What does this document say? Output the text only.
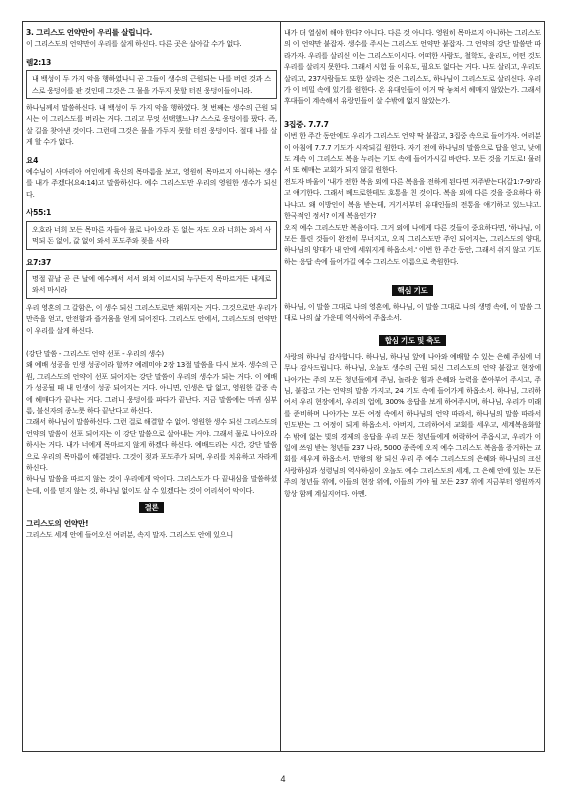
3. 그리스도 언약만이 우리를 살립니다.

이 그리스도의 언약만이 우리를 살게 하신다. 다른 곳은 살아갈 수가 없다.

렘2:13

내 백성이 두 가지 악을 행하였나니 곧 그들이 생수의 근원되는 나를 버린 것과 스스로 웅덩이를 판 것인데 그것은 그 물을 가두지 못할 터진 웅덩이들이니라.

하나님께서 말씀하신다. 내 백성이 두 가지 악을 행하였다. 첫 번째는 생수의 근원 되시는 이 그리스도를 버리는 거다. 그리고 무엇 선택했느냐? 스스로 웅덩이를 팠다. 즉, 살 길을 찾아낸 것이다. 그런데 그것은 물을 가두지 못할 터진 웅덩이다. 절대 나를 살게 할 수가 없다.

요4

예수님이 사마리아 여인에게 육신의 목마름을 보고, 영원히 목마르지 아니하는 생수를 내가 주겠다(요4:14)고 말씀하신다. 예수 그리스도만 우리의 영원한 생수가 되신다.

사55:1

오호라 너희 모든 목마른 자들아 물로 나아오라 돈 없는 자도 오라 너희는 와서 사 먹되 돈 없이, 값 없이 와서 포도주와 젖을 사라

요7:37

명절 끝날 곧 큰 날에 예수께서 서서 외쳐 이르시되 누구든지 목마르거든 내게로 와서 마시라

우리 영혼의 그 갈함은, 이 생수 되신 그리스도로만 채워지는 거다. 그것으로만 우리가 만족을 얻고, 안전함과 즐거움을 얻게 되어진다. 그리스도 안에서, 그리스도의 언약만이 우리를 살게 하신다.

(강단 말씀 - 그리스도 언약 선포 - 우리의 생수)

왜 예배 성공을 인생 성공이라 할까? 예레미야 2장 13절 말씀을 다시 보자. 생수의 근원, 그리스도의 언약이 선포 되어지는 강단 말씀이 우리의 생수가 되는 거다. 이 예배가 성공될 때 내 인생이 성공 되어지는 거다. 아니면, 인생은 답 없고, 영원한 갈증 속에 헤매다가 끝나는 거다. 그러니 웅덩이를 파다가 끝난다. 지금 말씀에는 마귀 심부름, 불신자의 종노릇 하다 끝난다고 하신다.

그래서 하나님이 말씀하신다. 그런 걸로 해결할 수 없어. 영원한 생수 되신 그리스도의 언약의 말씀이 선포 되어지는 이 강단 말씀으로 살아내는 거야. 그래서 물로 나아오라 하시는 거다. 내가 너에게 목마르지 않게 하겠다 하신다. 예배드리는 시간, 강단 말씀으로 우리의 목마름이 해결된다. 그것이 젖과 포도주가 되며, 우리를 치유하고 자라게 하신다.

하나님 말씀을 따르지 않는 것이 우리에게 악이다. 그리스도가 다 끝내심을 말씀하셨는데, 이를 믿지 않는 것, 하나님 없이도 살 수 있겠다는 것이 어리석어 악이다.

결론
그리스도의 언약만!

그리스도 세계 안에 들어오신 여러분, 속지 말자. 그리스도 안에 있으니

내가 더 열심히 해야 한다? 아니다. 다른 것 아니다. 영원히 목마르지 아니하는 그리스도의 이 언약만 붙잡자. 생수를 주시는 그리스도 언약만 붙잡자. 그 언약의 강단 말씀만 따라가자. 우리를 살리신 이는 그리스도이시다. 어떠한 사람도, 철학도, 윤리도, 어떤 것도 우리를 살리지 못한다. 그래서 시험 들 이유도, 필요도 없다는 거다. 나도 살리고, 우리도 살리고, 237사람들도 또한 살리는 것은 그리스도, 하나님이 그리스도로 살리신다. 우리가 이 비밀 속에 있기를 원한다. 온 유대인들이 이거 딱 놓쳐서 헤매지 않았는가. 그래서 후대들이 계속해서 유랑민들이 살 수밖에 없지 않았는가.

3집중. 7.7.7

이번 한 주간 동안에도 우리가 그리스도 언약 딱 붙잡고, 3집중 속으로 들어가자. 여러분이 아침에 7.7.7 기도가 시작되길 원한다. 자기 전에 하나님의 말씀으로 답을 얻고, 낮에도 계속 이 그리스도 복음 누리는 기도 속에 들어가시길 바란다. 모든 것을 기도로! 물러서 또 헤매는 교회가 되지 않길 원한다.

전도자 바울이 '내가 전한 복음 외에 다른 복음을 전하게 된다면 저주받는다(갈1:7-9)'라고 얘기한다. 그래서 베드로한테도 호통을 친 것이다. 복음 외에 다른 것을 중요하다 하나냐고. 왜 이방인이 복음 받는데, 거기서부터 유대인들의 전통을 얘기하고 있느냐고. 한국적인 정서? 이게 복음인가?

오직 예수 그리스도만 복음이다. 그거 외에 나에게 다른 것들이 중요하다면, '하나님, 이 모든 틀린 것들이 완전히 무너지고, 오직 그리스도만 주인 되어지는, 그리스도의 양대, 하나님의 양대가 내 안에 세워지게 하옵소서.' 이번 한 주간 동안, 그래서 쉬지 않고 기도하는 응답 속에 들어가길 예수 그리스도 이름으로 축원한다.

핵심 기도

하나님, 이 말씀 그대로 나의 영혼에, 하나님, 이 말씀 그대로 나의 생명 속에, 이 말씀 그대로 나의 삶 가운데 역사하여 주옵소서.

합심 기도 및 축도

사랑의 하나님 감사합니다. 하나님, 하나님 앞에 나아와 예배할 수 있는 은혜 주심에 너무나 감사드립니다. 하나님, 오늘도 생수의 근원 되신 그리스도의 언약 붙잡고 현장에 나아가는 주의 모든 청년들에게 주님, 놀라운 힘과 은혜와 능력을 쏟아부어 주시고, 주님, 붙잡고 가는 언약의 말씀 가지고, 24 기도 속에 들어가게 하옵소서. 하나님, 그리하여서 우리 현장에서, 우리의 업에, 300% 응답을 보게 하여주시며, 하나님, 우리가 미래를 준비하며 나아가는 모든 여정 속에서 하나님의 언약 따라서, 하나님의 말씀 따라서 인도받는 그 여정이 되게 하옵소서. 아버지, 그리하여서 교회를 세우고, 세계복음화할 수 밖에 없는 빛의 경제의 응답을 우리 모든 청년들에게 허락하여 주옵시고, 우리가 이 일에 쓰임 받는 청년들 237 나라, 5000 종족에 오직 예수 그리스도 복음을 증거하는 교회를 세우게 하옵소서. 만왕의 왕 되신 우리 주 예수 그리스도의 은혜와 하나님의 크신 사랑하심과 성령님의 역사하심이 오늘도 예수 그리스도의 세계, 그 은혜 안에 있는 모든 주의 청년들 위에, 이들의 현장 위에, 이들의 가야 될 모든 237 위에 지금부터 영원까지 항상 함께 계실지어다. 아멘.

4
